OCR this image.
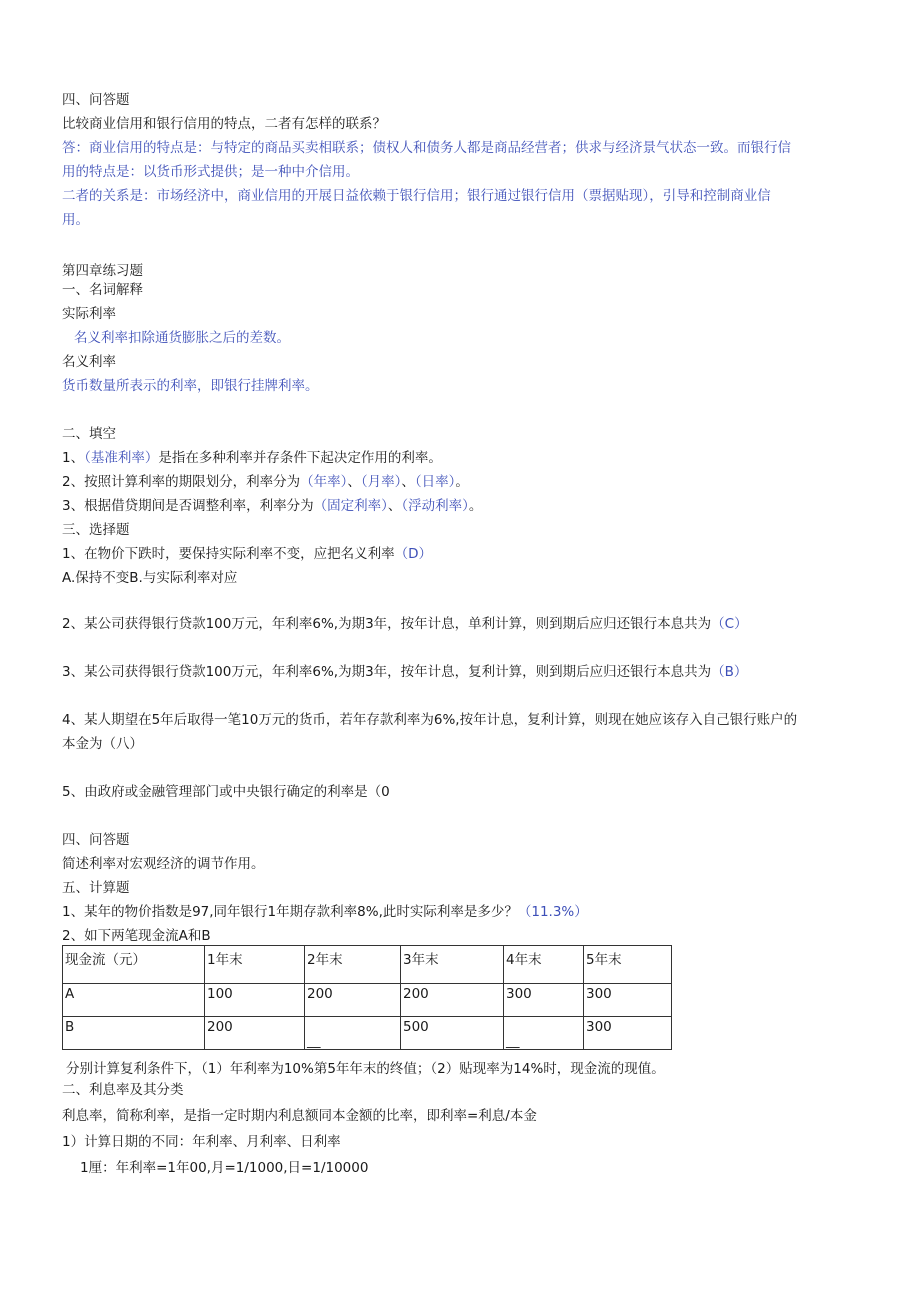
四、问答题
比较商业信用和银行信用的特点，二者有怎样的联系？
答：商业信用的特点是：与特定的商品买卖相联系；债权人和债务人都是商品经营者；供求与经济景气状态一致。而银行信
用的特点是：以货币形式提供；是一种中介信用。
二者的关系是：市场经济中，商业信用的开展日益依赖于银行信用；银行通过银行信用（票据贴现），引导和控制商业信
用。
第四章练习题
一、名词解释
实际利率
名义利率扣除通货膨胀之后的差数。
名义利率
货币数量所表示的利率，即银行挂牌利率。
二、填空
1、（基准利率）是指在多种利率并存条件下起决定作用的利率。
2、按照计算利率的期限划分，利率分为（年率）、（月率）、（日率）。
3、根据借贷期间是否调整利率，利率分为（固定利率）、（浮动利率）。
三、选择题
1、在物价下跌时，要保持实际利率不变，应把名义利率（D）
A.保持不变B.与实际利率对应
2、某公司获得银行贷款100万元，年利率6%,为期3年，按年计息，单利计算，则到期后应归还银行本息共为（C）
3、某公司获得银行贷款100万元，年利率6%,为期3年，按年计息，复利计算，则到期后应归还银行本息共为（B）
4、某人期望在5年后取得一笔10万元的货币，若年存款利率为6%,按年计息，复利计算，则现在她应该存入自己银行账户的
本金为（八）
5、由政府或金融管理部门或中央银行确定的利率是（0
四、问答题
简述利率对宏观经济的调节作用。
五、计算题
1、某年的物价指数是97,同年银行1年期存款利率8%,此时实际利率是多少？（11.3%）
2、如下两笔现金流A和B
现金流（元）	1年末	2年末	3年末	4年末	5年末
A	100	200	200	300	300
B	200	__	500	__	300
分别计算复利条件下，（1）年利率为10%第5年年末的终值；（2）贴现率为14%时，现金流的现值。
二、利息率及其分类
利息率，简称利率，是指一定时期内利息额同本金额的比率，即利率=利息/本金
1）计算日期的不同：年利率、月利率、日利率
1厘：年利率=1年00,月=1/1000,日=1/10000
